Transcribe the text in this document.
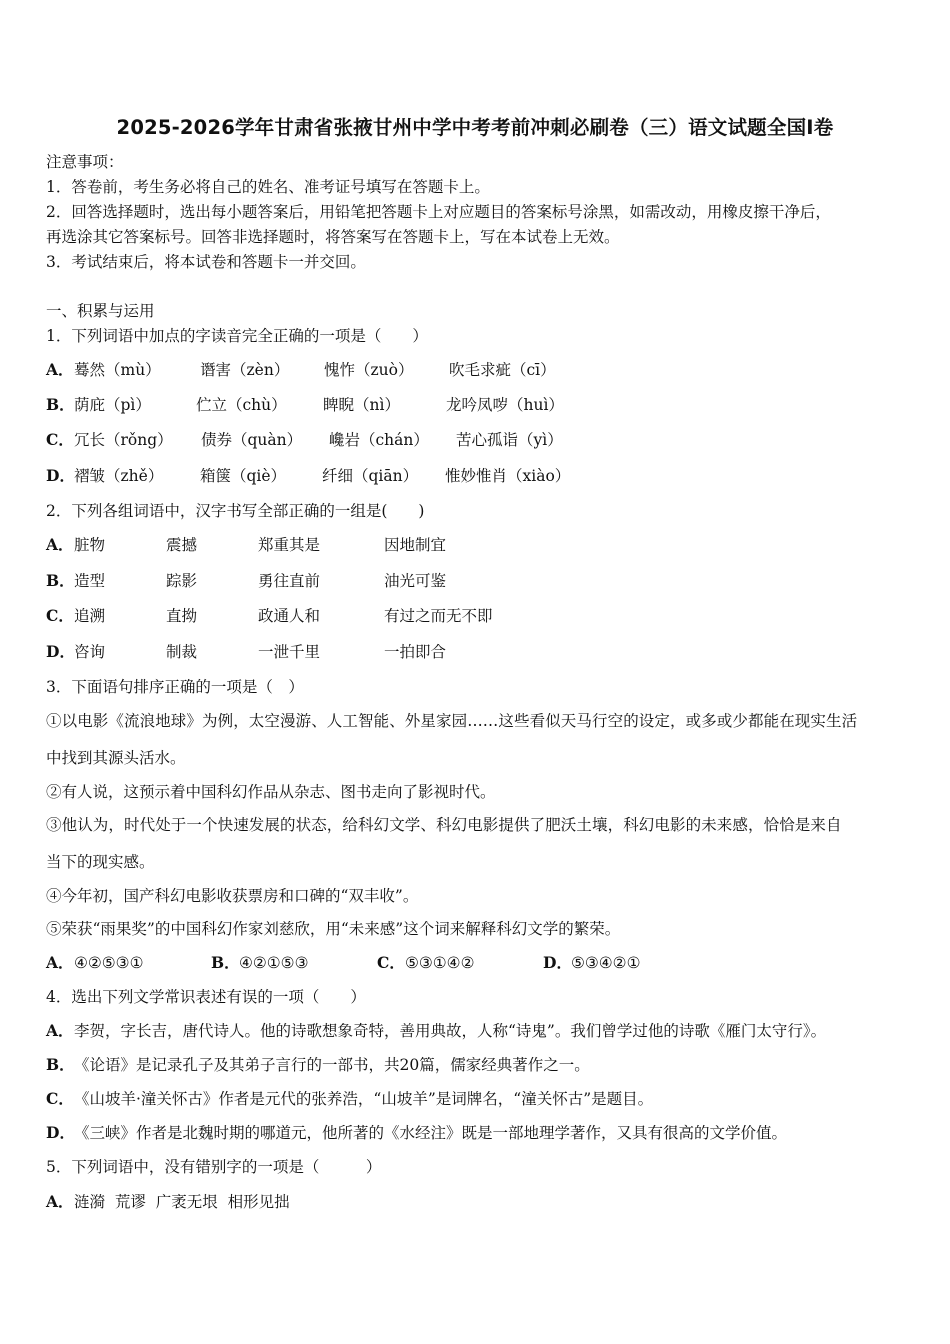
2025-2026学年甘肃省张掖甘州中学中考考前冲刺必刷卷（三）语文试题全国Ⅰ卷
注意事项：
1．答卷前，考生务必将自己的姓名、准考证号填写在答题卡上。
2．回答选择题时，选出每小题答案后，用铅笔把答题卡上对应题目的答案标号涂黑，如需改动，用橡皮擦干净后，
再选涂其它答案标号。回答非选择题时，将答案写在答题卡上，写在本试卷上无效。
3．考试结束后，将本试卷和答题卡一并交回。
一、积累与运用
1．下列词语中加点的字读音完全正确的一项是（　　）
A． 蓦然（mù）	谮害（zèn） 愧怍（zuò） 吹毛求疵（cī）
B． 荫庇（pì）	伫立（chù） 睥睨（nì）	龙吟凤哕（huì）
C． 冗长（rǒng） 债券（quàn） 巉岩（chán） 苦心孤诣（yì）
D． 褶皱（zhě） 箱箧（qiè） 纤细（qiān） 惟妙惟肖（xiào）
2．下列各组词语中，汉字书写全部正确的一组是(　　)
A． 脏物	震撼	郑重其是	因地制宜
B． 造型	踪影	勇往直前	油光可鉴
C． 追溯	直拗	政通人和	有过之而无不即
D． 咨询	制裁	一泄千里	一拍即合
3．下面语句排序正确的一项是（　）
①以电影《流浪地球》为例，太空漫游、人工智能、外星家园……这些看似天马行空的设定，或多或少都能在现实生活
中找到其源头活水。
②有人说，这预示着中国科幻作品从杂志、图书走向了影视时代。
③他认为，时代处于一个快速发展的状态，给科幻文学、科幻电影提供了肥沃土壤，科幻电影的未来感，恰恰是来自
当下的现实感。
④今年初，国产科幻电影收获票房和口碑的“双丰收”。
⑤荣获“雨果奖”的中国科幻作家刘慈欣，用“未来感”这个词来解释科幻文学的繁荣。
A． ④②⑤③①	B． ④②①⑤③	C． ⑤③①④②	D． ⑤③④②①
4．选出下列文学常识表述有误的一项（　　）
A．李贺，字长吉，唐代诗人。他的诗歌想象奇特，善用典故，人称“诗鬼”。我们曾学过他的诗歌《雁门太守行》。
B．《论语》是记录孔子及其弟子言行的一部书，共20篇，儒家经典著作之一。
C．《山坡羊·潼关怀古》作者是元代的张养浩，“山坡羊”是词牌名，“潼关怀古”是题目。
D．《三峡》作者是北魏时期的哪道元，他所著的《水经注》既是一部地理学著作，又具有很高的文学价值。
5．下列词语中，没有错别字的一项是（　　　）
A．涟漪  荒谬  广袤无垠  相形见拙
